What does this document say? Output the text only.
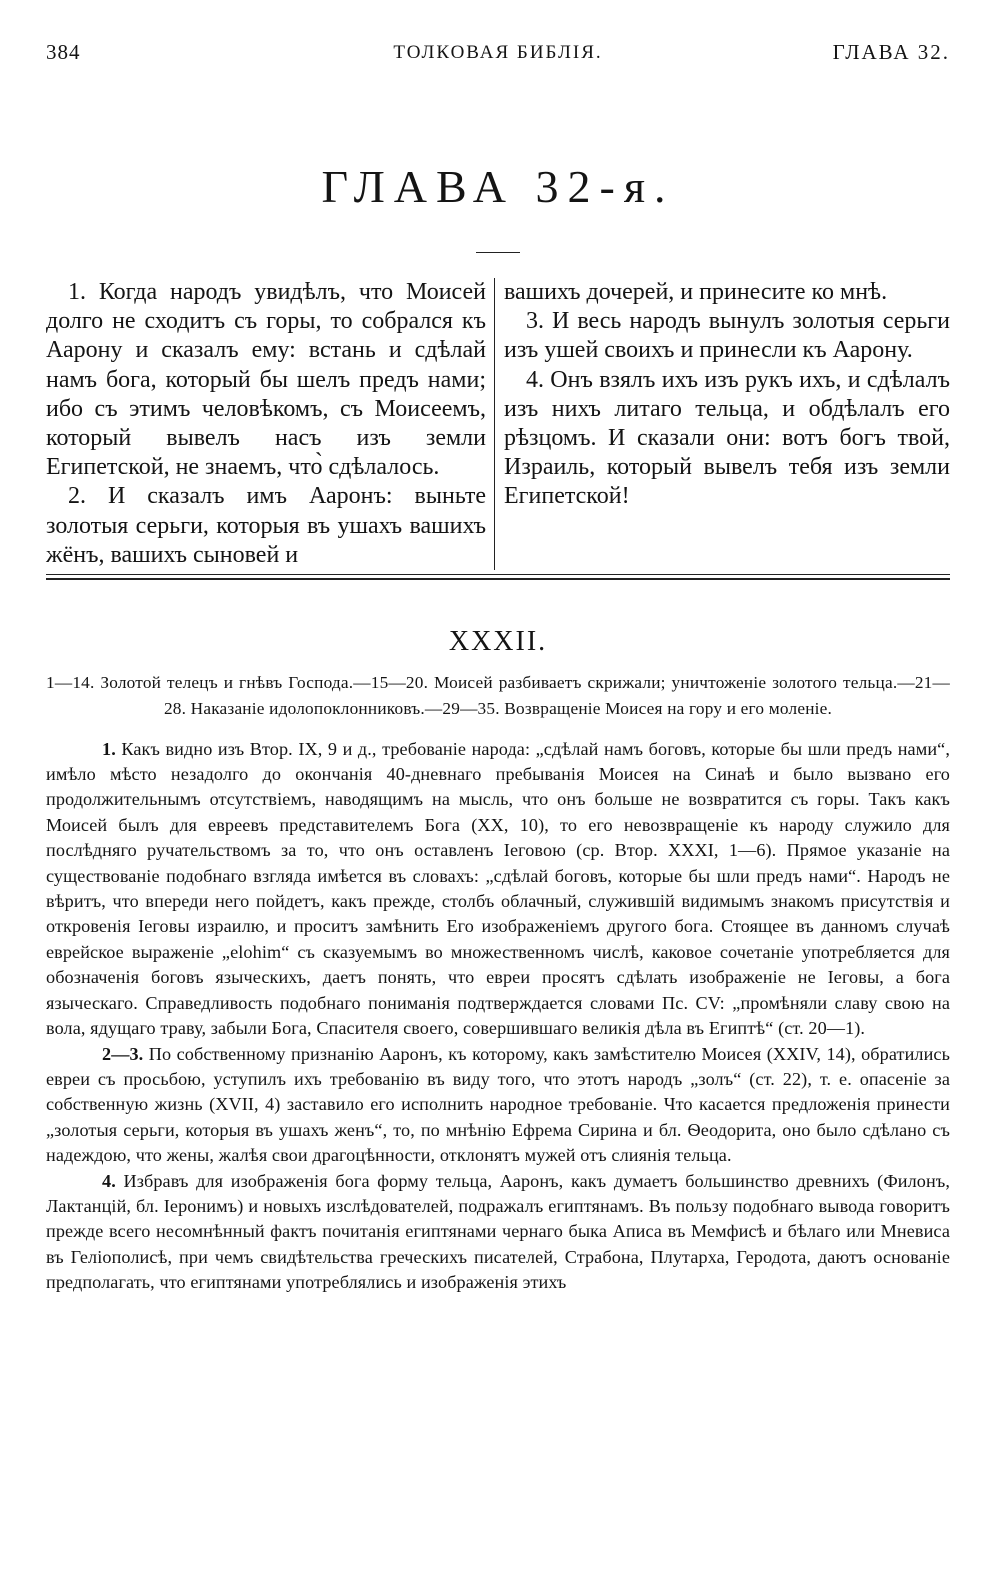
384	ТОЛКОВАЯ БИБЛІЯ.	ГЛАВА 32.
ГЛАВА 32-я.

1. Когда народъ увидѣлъ, что Моисей долго не сходитъ съ горы, то собрался къ Аарону и сказалъ ему: встань и сдѣлай намъ бога, который бы шелъ предъ нами; ибо съ этимъ человѣкомъ, съ Моисеемъ, который вывелъ насъ изъ земли Египетской, не знаемъ, что̀ сдѣлалось.

2. И сказалъ имъ Ааронъ: выньте золотыя серьги, которыя въ ушахъ вашихъ жёнъ, вашихъ сыновей и

вашихъ дочерей, и принесите ко мнѣ.

3. И весь народъ вынулъ золотыя серьги изъ ушей своихъ и принесли къ Аарону.

4. Онъ взялъ ихъ изъ рукъ ихъ, и сдѣлалъ изъ нихъ литаго тельца, и обдѣлалъ его рѣзцомъ. И сказали они: вотъ богъ твой, Израиль, который вывелъ тебя изъ земли Египетской!

XXXII.
1—14. Золотой телецъ и гнѣвъ Господа.—15—20. Моисей разбиваетъ скрижали; уничтоженіе золотого тельца.—21—28. Наказаніе идолопоклонниковъ.—29—35. Возвращеніе Моисея на гору и его моленіе.

1. Какъ видно изъ Втор. IX, 9 и д., требованіе народа: „сдѣлай намъ боговъ, которые бы шли предъ нами“, имѣло мѣсто незадолго до окончанія 40-дневнаго пребыванія Моисея на Синаѣ и было вызвано его продолжительнымъ отсутствіемъ, наводящимъ на мысль, что онъ больше не возвратится съ горы. Такъ какъ Моисей былъ для евреевъ представителемъ Бога (XX, 10), то его невозвращеніе къ народу служило для послѣдняго ручательствомъ за то, что онъ оставленъ Іеговою (ср. Втор. XXXI, 1—6). Прямое указаніе на существованіе подобнаго взгляда имѣется въ словахъ: „сдѣлай боговъ, которые бы шли предъ нами“. Народъ не вѣритъ, что впереди него пойдетъ, какъ прежде, столбъ облачный, служившій видимымъ знакомъ присутствія и откровенія Іеговы израилю, и проситъ замѣнить Его изображеніемъ другого бога. Стоящее въ данномъ случаѣ еврейское выраженіе „elohim“ съ сказуемымъ во множественномъ числѣ, каковое сочетаніе употребляется для обозначенія боговъ языческихъ, даетъ понять, что евреи просятъ сдѣлать изображеніе не Іеговы, а бога языческаго. Справедливость подобнаго пониманія подтверждается словами Пс. CV: „промѣняли славу свою на вола, ядущаго траву, забыли Бога, Спасителя своего, совершившаго великія дѣла въ Египтѣ“ (ст. 20—1).

2—3. По собственному признанію Ааронъ, къ которому, какъ замѣстителю Моисея (XXIV, 14), обратились евреи съ просьбою, уступилъ ихъ требованію въ виду того, что этотъ народъ „золъ“ (ст. 22), т. е. опасеніе за собственную жизнь (XVII, 4) заставило его исполнить народное требованіе. Что касается предложенія принести „золотыя серьги, которыя въ ушахъ женъ“, то, по мнѣнію Ефрема Сирина и бл. Ѳеодорита, оно было сдѣлано съ надеждою, что жены, жалѣя свои драгоцѣнности, отклонятъ мужей отъ слиянія тельца.

4. Избравъ для изображенія бога форму тельца, Ааронъ, какъ думаетъ большинство древнихъ (Филонъ, Лактанцій, бл. Іеронимъ) и новыхъ изслѣдователей, подражалъ египтянамъ. Въ пользу подобнаго вывода говоритъ прежде всего несомнѣнный фактъ почитанія египтянами чернаго быка Аписа въ Мемфисѣ и бѣлаго или Мневиса въ Геліополисѣ, при чемъ свидѣтельства греческихъ писателей, Страбона, Плутарха, Геродота, даютъ основаніе предполагать, что египтянами употреблялись и изображенія этихъ
